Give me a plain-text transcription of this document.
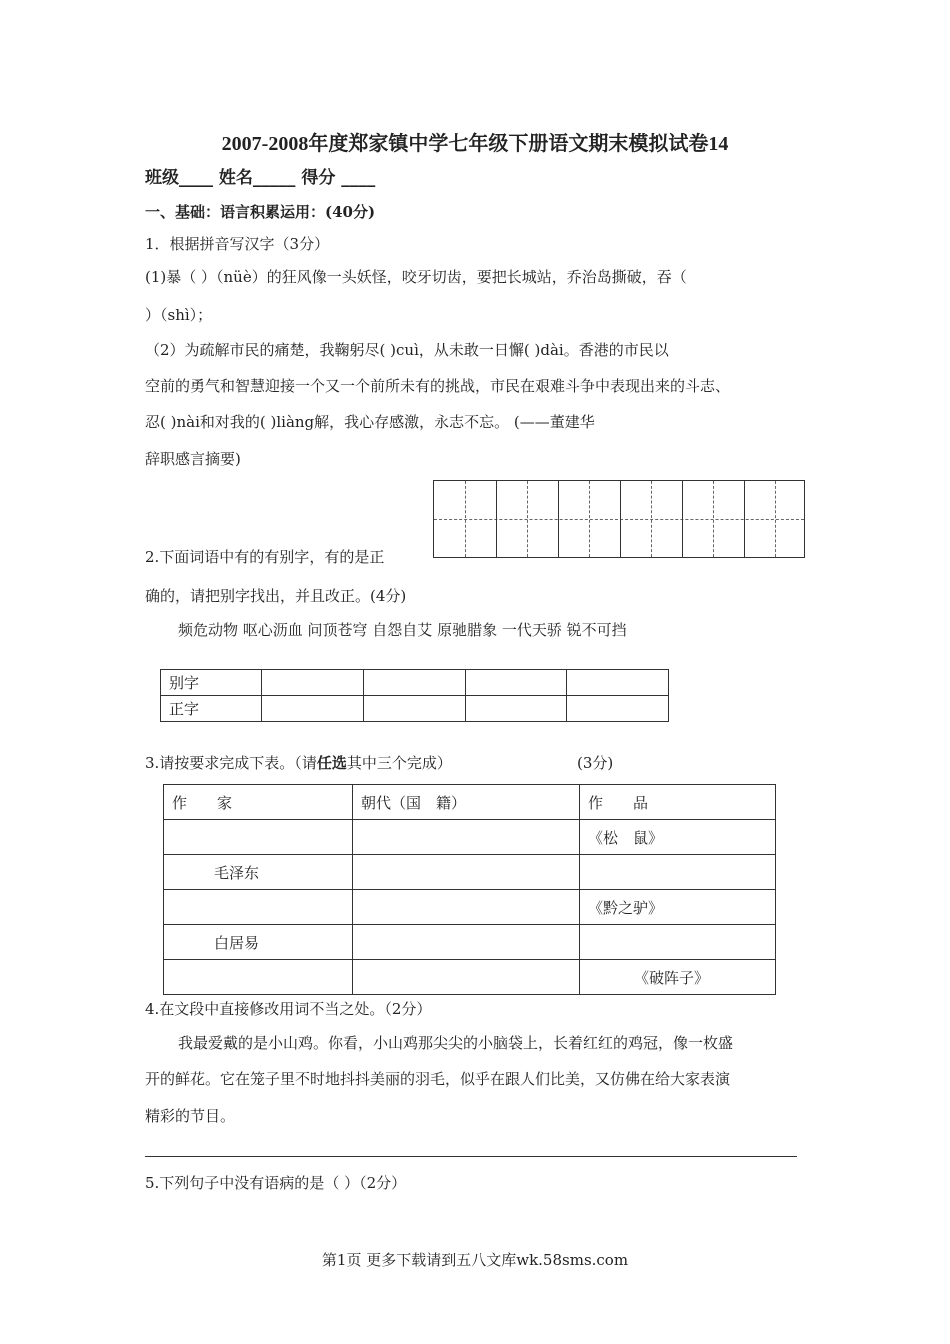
2007-2008年度郑家镇中学七年级下册语文期末模拟试卷14
班级____ 姓名_____ 得分 ____
一、基础：语言积累运用：(40分)
1．根据拼音写汉字（3分）
(1)暴（ ）（nüè）的狂风像一头妖怪，咬牙切齿，要把长城站，乔治岛撕破，吞（
）（shì）；
（2）为疏解市民的痛楚，我鞠躬尽( )cuì，从未敢一日懈( )dài。香港的市民以
空前的勇气和智慧迎接一个又一个前所未有的挑战，市民在艰难斗争中表现出来的斗志、
忍( )nài和对我的( )liàng解，我心存感激，永志不忘。 (——董建华
辞职感言摘要)
2.下面词语中有的有别字，有的是正
确的，请把别字找出，并且改正。(4分)
频危动物 呕心沥血 问顶苍穹 自怨自艾 原驰腊象 一代天骄 锐不可挡
别字				
正字				
3.请按要求完成下表。（请任选其中三个完成）	(3分)
作　　家	朝代（国　籍）	作　　品
		《松　鼠》
毛泽东		
		《黔之驴》
白居易		
		《破阵子》
4.在文段中直接修改用词不当之处。（2分）
我最爱戴的是小山鸡。你看，小山鸡那尖尖的小脑袋上，长着红红的鸡冠，像一枚盛
开的鲜花。它在笼子里不时地抖抖美丽的羽毛，似乎在跟人们比美，又仿佛在给大家表演
精彩的节目。
5.下列句子中没有语病的是（ ）（2分）
第1页 更多下载请到五八文库wk.58sms.com
